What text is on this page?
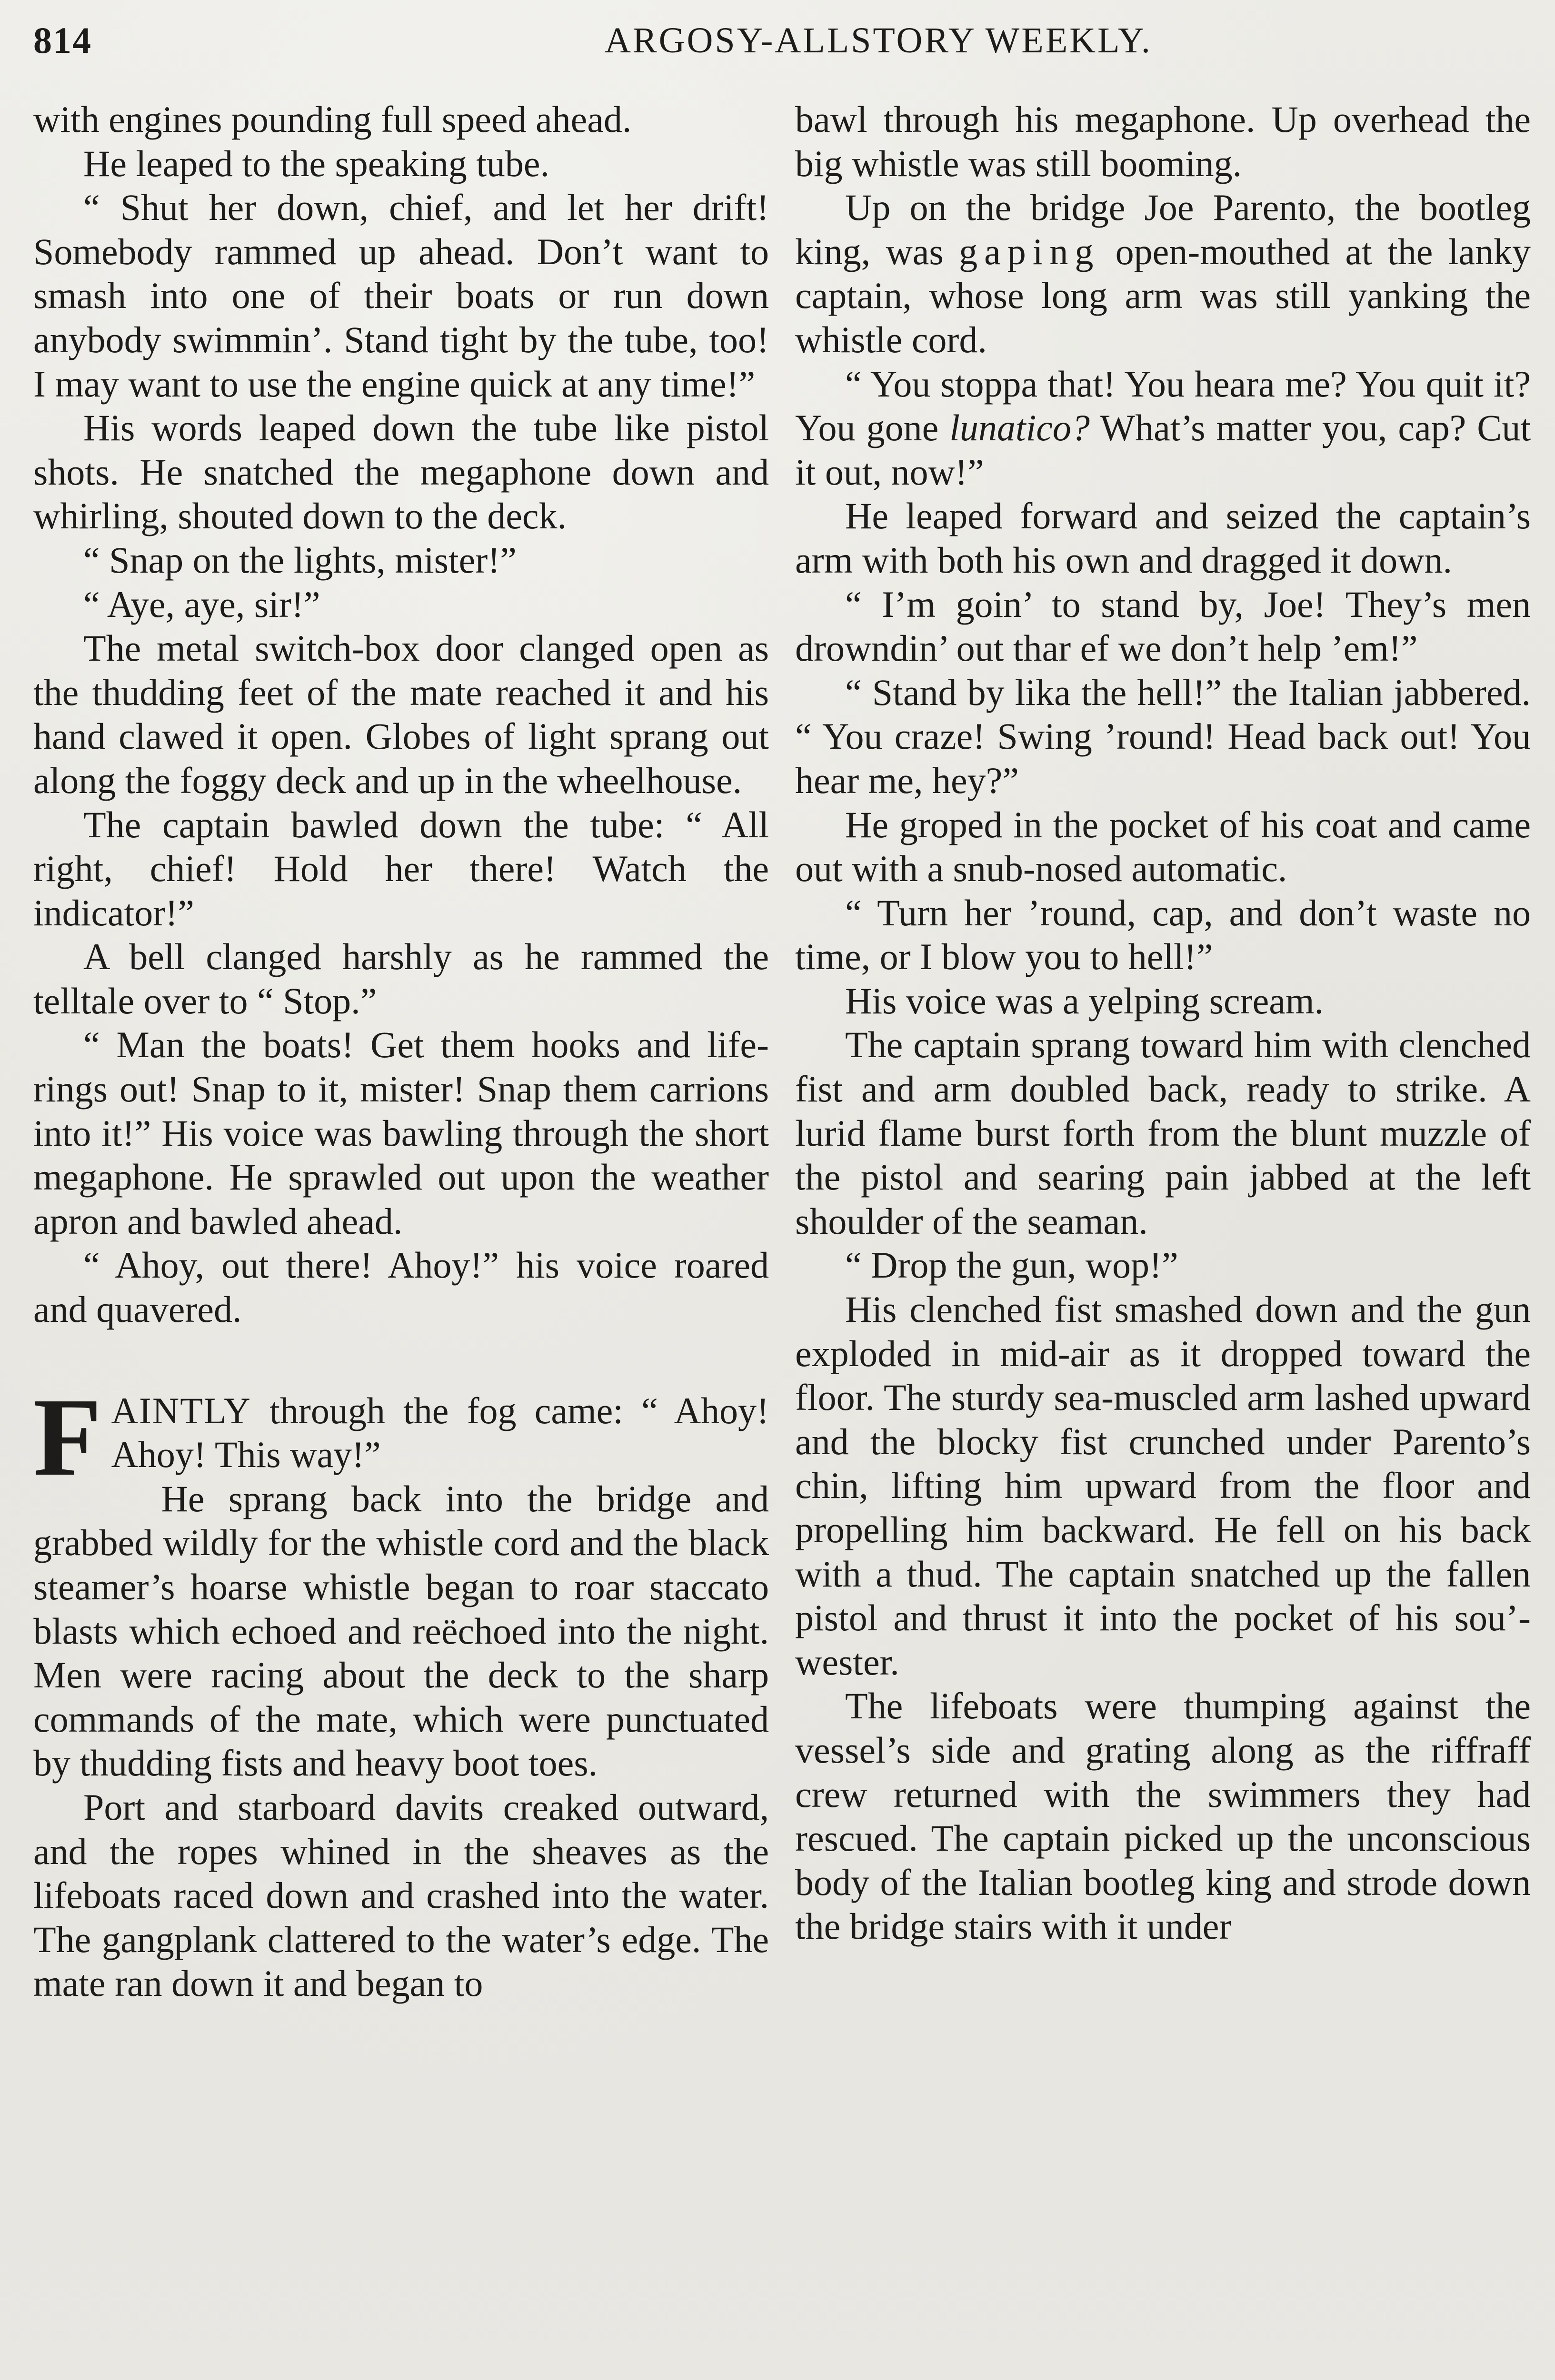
814	ARGOSY-ALLSTORY WEEKLY.

with engines pounding full speed ahead.

He leaped to the speaking tube.

“ Shut her down, chief, and let her drift! Somebody rammed up ahead. Don’t want to smash into one of their boats or run down anybody swimmin’. Stand tight by the tube, too! I may want to use the engine quick at any time!”

His words leaped down the tube like pistol shots. He snatched the megaphone down and whirling, shouted down to the deck.

“ Snap on the lights, mister!”

“ Aye, aye, sir!”

The metal switch-box door clanged open as the thudding feet of the mate reached it and his hand clawed it open. Globes of light sprang out along the foggy deck and up in the wheelhouse.

The captain bawled down the tube: “ All right, chief! Hold her there! Watch the indicator!”

A bell clanged harshly as he rammed the telltale over to “ Stop.”

“ Man the boats! Get them hooks and life-rings out! Snap to it, mister! Snap them carrions into it!” His voice was bawling through the short megaphone. He sprawled out upon the weather apron and bawled ahead.

“ Ahoy, out there! Ahoy!” his voice roared and quavered.

FAINTLY through the fog came: “ Ahoy! Ahoy! This way!”

He sprang back into the bridge and grabbed wildly for the whistle cord and the black steamer’s hoarse whistle began to roar staccato blasts which echoed and reëchoed into the night. Men were racing about the deck to the sharp commands of the mate, which were punctuated by thudding fists and heavy boot toes.

Port and starboard davits creaked outward, and the ropes whined in the sheaves as the lifeboats raced down and crashed into the water. The gangplank clattered to the water’s edge. The mate ran down it and began to

bawl through his megaphone. Up overhead the big whistle was still booming.

Up on the bridge Joe Parento, the bootleg king, was gaping open-mouthed at the lanky captain, whose long arm was still yanking the whistle cord.

“ You stoppa that! You heara me? You quit it? You gone lunatico? What’s matter you, cap? Cut it out, now!”

He leaped forward and seized the captain’s arm with both his own and dragged it down.

“ I’m goin’ to stand by, Joe! They’s men drowndin’ out thar ef we don’t help ’em!”

“ Stand by lika the hell!” the Italian jabbered. “ You craze! Swing ’round! Head back out! You hear me, hey?”

He groped in the pocket of his coat and came out with a snub-nosed automatic.

“ Turn her ’round, cap, and don’t waste no time, or I blow you to hell!”

His voice was a yelping scream.

The captain sprang toward him with clenched fist and arm doubled back, ready to strike. A lurid flame burst forth from the blunt muzzle of the pistol and searing pain jabbed at the left shoulder of the seaman.

“ Drop the gun, wop!”

His clenched fist smashed down and the gun exploded in mid-air as it dropped toward the floor. The sturdy sea-muscled arm lashed upward and the blocky fist crunched under Parento’s chin, lifting him upward from the floor and propelling him backward. He fell on his back with a thud. The captain snatched up the fallen pistol and thrust it into the pocket of his sou’-wester.

The lifeboats were thumping against the vessel’s side and grating along as the riffraff crew returned with the swimmers they had rescued. The captain picked up the unconscious body of the Italian bootleg king and strode down the bridge stairs with it under
